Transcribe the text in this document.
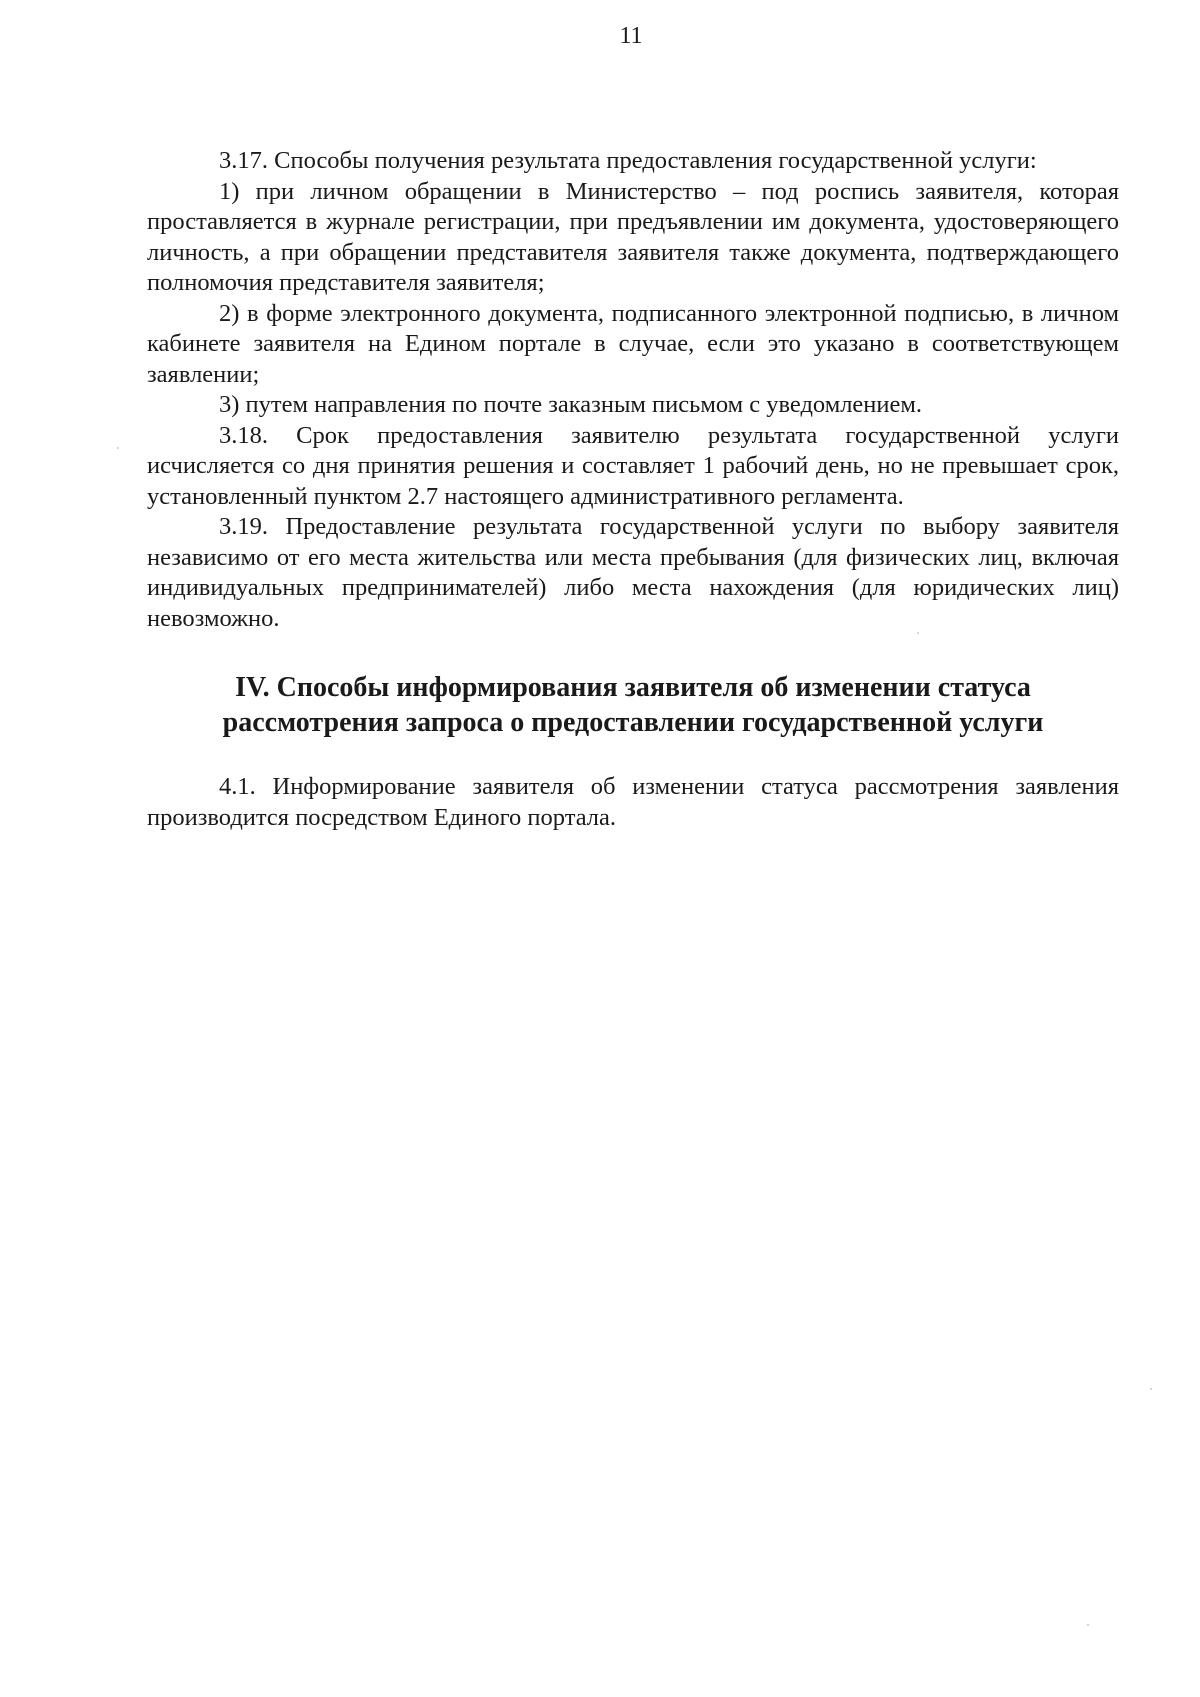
11

3.17. Способы получения результата предоставления государственной услуги:

1) при личном обращении в Министерство – под роспись заявителя, которая проставляется в журнале регистрации, при предъявлении им документа, удостоверяющего личность, а при обращении представителя заявителя также документа, подтверждающего полномочия представителя заявителя;

2) в форме электронного документа, подписанного электронной подписью, в личном кабинете заявителя на Едином портале в случае, если это указано в соответствующем заявлении;

3) путем направления по почте заказным письмом с уведомлением.

3.18. Срок предоставления заявителю результата государственной услуги исчисляется со дня принятия решения и составляет 1 рабочий день, но не превышает срок, установленный пунктом 2.7 настоящего административного регламента.

3.19. Предоставление результата государственной услуги по выбору заявителя независимо от его места жительства или места пребывания (для физических лиц, включая индивидуальных предпринимателей) либо места нахождения (для юридических лиц) невозможно.

IV. Способы информирования заявителя об изменении статуса
рассмотрения запроса о предоставлении государственной услуги

4.1. Информирование заявителя об изменении статуса рассмотрения заявления производится посредством Единого портала.
